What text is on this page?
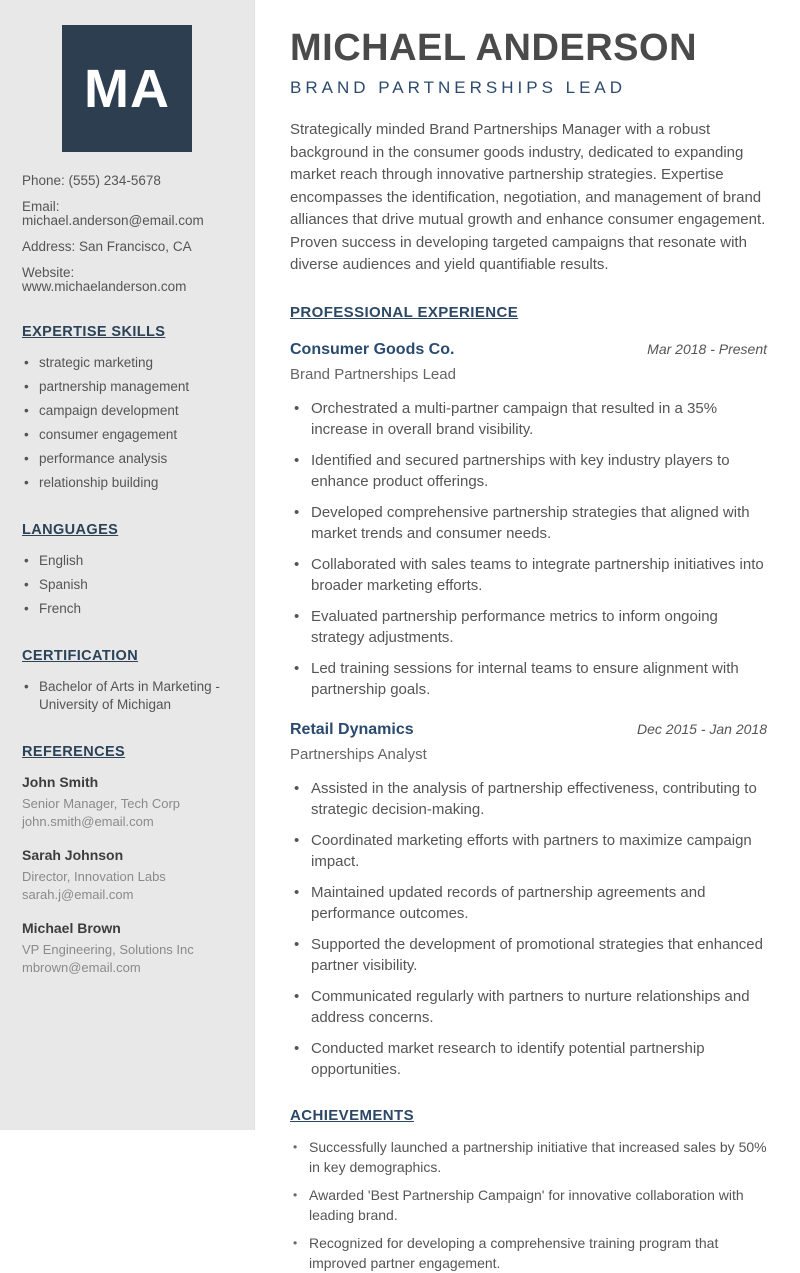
MA
Phone: (555) 234-5678
Email: michael.anderson@email.com
Address: San Francisco, CA
Website: www.michaelanderson.com
EXPERTISE SKILLS
• strategic marketing
• partnership management
• campaign development
• consumer engagement
• performance analysis
• relationship building
LANGUAGES
• English
• Spanish
• French
CERTIFICATION
• Bachelor of Arts in Marketing - University of Michigan
REFERENCES
John Smith
Senior Manager, Tech Corp
john.smith@email.com
Sarah Johnson
Director, Innovation Labs
sarah.j@email.com
Michael Brown
VP Engineering, Solutions Inc
mbrown@email.com
MICHAEL ANDERSON
BRAND PARTNERSHIPS LEAD

Strategically minded Brand Partnerships Manager with a robust background in the consumer goods industry, dedicated to expanding market reach through innovative partnership strategies. Expertise encompasses the identification, negotiation, and management of brand alliances that drive mutual growth and enhance consumer engagement. Proven success in developing targeted campaigns that resonate with diverse audiences and yield quantifiable results.

PROFESSIONAL EXPERIENCE
Consumer Goods Co.	Mar 2018 - Present
Brand Partnerships Lead
• Orchestrated a multi-partner campaign that resulted in a 35% increase in overall brand visibility.
• Identified and secured partnerships with key industry players to enhance product offerings.
• Developed comprehensive partnership strategies that aligned with market trends and consumer needs.
• Collaborated with sales teams to integrate partnership initiatives into broader marketing efforts.
• Evaluated partnership performance metrics to inform ongoing strategy adjustments.
• Led training sessions for internal teams to ensure alignment with partnership goals.
Retail Dynamics	Dec 2015 - Jan 2018
Partnerships Analyst
• Assisted in the analysis of partnership effectiveness, contributing to strategic decision-making.
• Coordinated marketing efforts with partners to maximize campaign impact.
• Maintained updated records of partnership agreements and performance outcomes.
• Supported the development of promotional strategies that enhanced partner visibility.
• Communicated regularly with partners to nurture relationships and address concerns.
• Conducted market research to identify potential partnership opportunities.
ACHIEVEMENTS
• Successfully launched a partnership initiative that increased sales by 50% in key demographics.
• Awarded 'Best Partnership Campaign' for innovative collaboration with leading brand.
• Recognized for developing a comprehensive training program that improved partner engagement.
